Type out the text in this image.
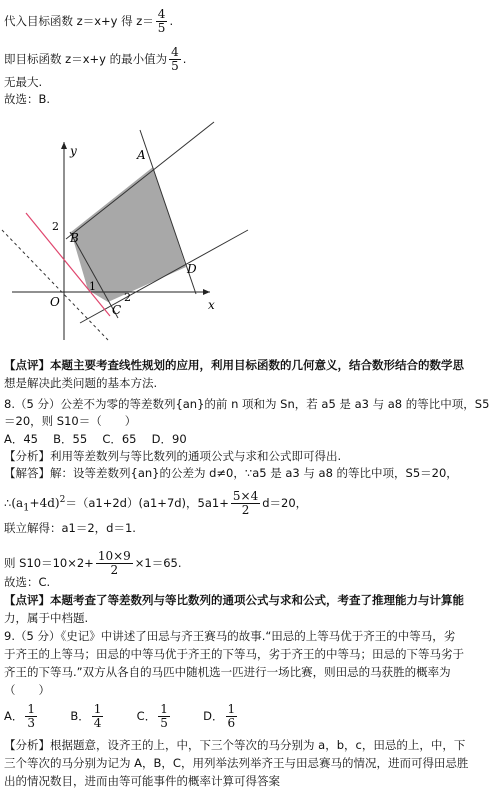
代入目标函数 z＝x+y 得 $z= \frac{4}{5}$ .
即目标函数 z＝x+y 的最小值为 $\frac{4}{5}$ .
无最大.
故选：B.
y
x
O
A
B
C
D
2
1
2
【点评】本题主要考查线性规划的应用，利用目标函数的几何意义，结合数形结合的数学思
想是解决此类问题的基本方法.
8.（5 分）公差不为零的等差数列{an}的前 n 项和为 Sn，若 a5 是 a3 与 a8 的等比中项，S5
＝20，则 S10＝（　　）
A．45　 B．55　 C．65　 D．90
【分析】利用等差数列与等比数列的通项公式与求和公式即可得出.
【解答】解：设等差数列{an}的公差为 d≠0，∵a5 是 a3 与 a8 的等比中项，S5＝20，
$\therefore(a_1+4d)^2=(a1+2d)(a1+7d)$，$5a1+ \frac{5\times 4}{2} d=20$，
联立解得：a1＝2，d＝1.
则 $S10=10\times 2+ \frac{10\times 9}{2} \times 1=65$.
故选：C.
【点评】本题考查了等差数列与等比数列的通项公式与求和公式，考查了推理能力与计算能
力，属于中档题.
9.（5 分）《史记》中讲述了田忌与齐王赛马的故事.“田忌的上等马优于齐王的中等马，劣
于齐王的上等马；田忌的中等马优于齐王的下等马，劣于齐王的中等马；田忌的下等马劣于
齐王的下等马.”双方从各自的马匹中随机选一匹进行一场比赛，则田忌的马获胜的概率为
（　　）
A． $\frac{1}{3}$	B． $\frac{1}{4}$	C． $\frac{1}{5}$	D． $\frac{1}{6}$
【分析】根据题意，设齐王的上，中，下三个等次的马分别为 a，b，c，田忌的上，中，下
三个等次的马分别为记为 A，B，C，用列举法列举齐王与田忌赛马的情况，进而可得田忌胜
出的情况数目，进而由等可能事件的概率计算可得答案
